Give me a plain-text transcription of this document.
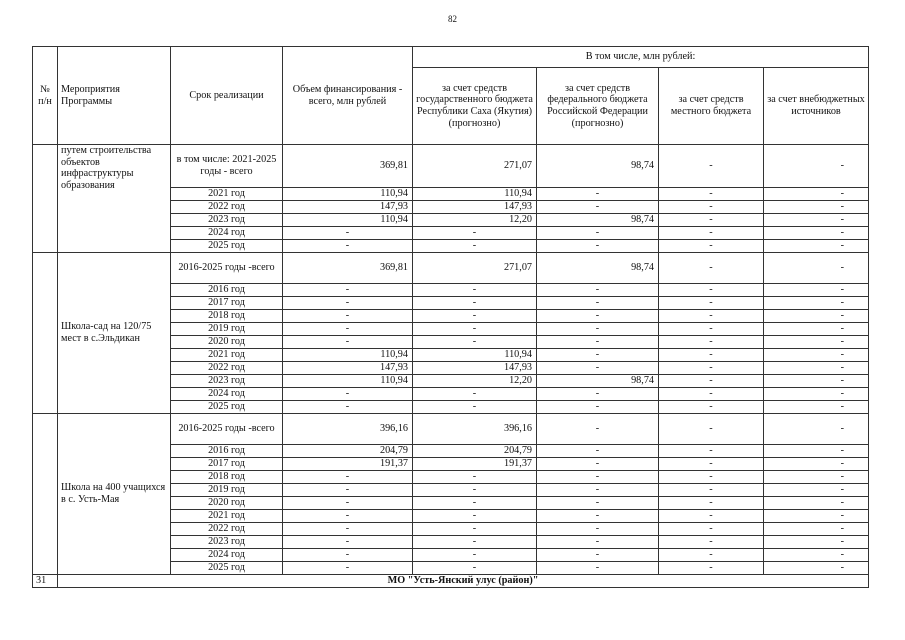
82
№ п/н	Мероприятия Программы	Срок реализации	Объем финансирования - всего, млн рублей	В том числе, млн рублей:			
				за счет средств государственного бюджета Республики Саха (Якутия) (прогнозно)	за счет средств федерального бюджета Российской Федерации (прогнозно)	за счет средств местного бюджета	за счет внебюджетных источников
	путем строительства объектов инфраструктуры образования	в том числе: 2021-2025 годы - всего	369,81	271,07	98,74	-	-
		2021 год	110,94	110,94	-	-	-
		2022 год	147,93	147,93	-	-	-
		2023 год	110,94	12,20	98,74	-	-
		2024 год	-	-	-	-	-
		2025 год	-	-	-	-	-
	Школа-сад на 120/75 мест в с.Эльдикан	2016-2025 годы -всего	369,81	271,07	98,74	-	-
		2016 год	-	-	-	-	-
		2017 год	-	-	-	-	-
		2018 год	-	-	-	-	-
		2019 год	-	-	-	-	-
		2020 год	-	-	-	-	-
		2021 год	110,94	110,94	-	-	-
		2022 год	147,93	147,93	-	-	-
		2023 год	110,94	12,20	98,74	-	-
		2024 год	-	-	-	-	-
		2025 год	-	-	-	-	-
	Школа на 400 учащихся в с. Усть-Мая	2016-2025 годы -всего	396,16	396,16	-	-	-
		2016 год	204,79	204,79	-	-	-
		2017 год	191,37	191,37	-	-	-
		2018 год	-	-	-	-	-
		2019 год	-	-	-	-	-
		2020 год	-	-	-	-	-
		2021 год	-	-	-	-	-
		2022 год	-	-	-	-	-
		2023 год	-	-	-	-	-
		2024 год	-	-	-	-	-
		2025 год	-	-	-	-	-
31	МО "Усть-Янский улус (район)"						
